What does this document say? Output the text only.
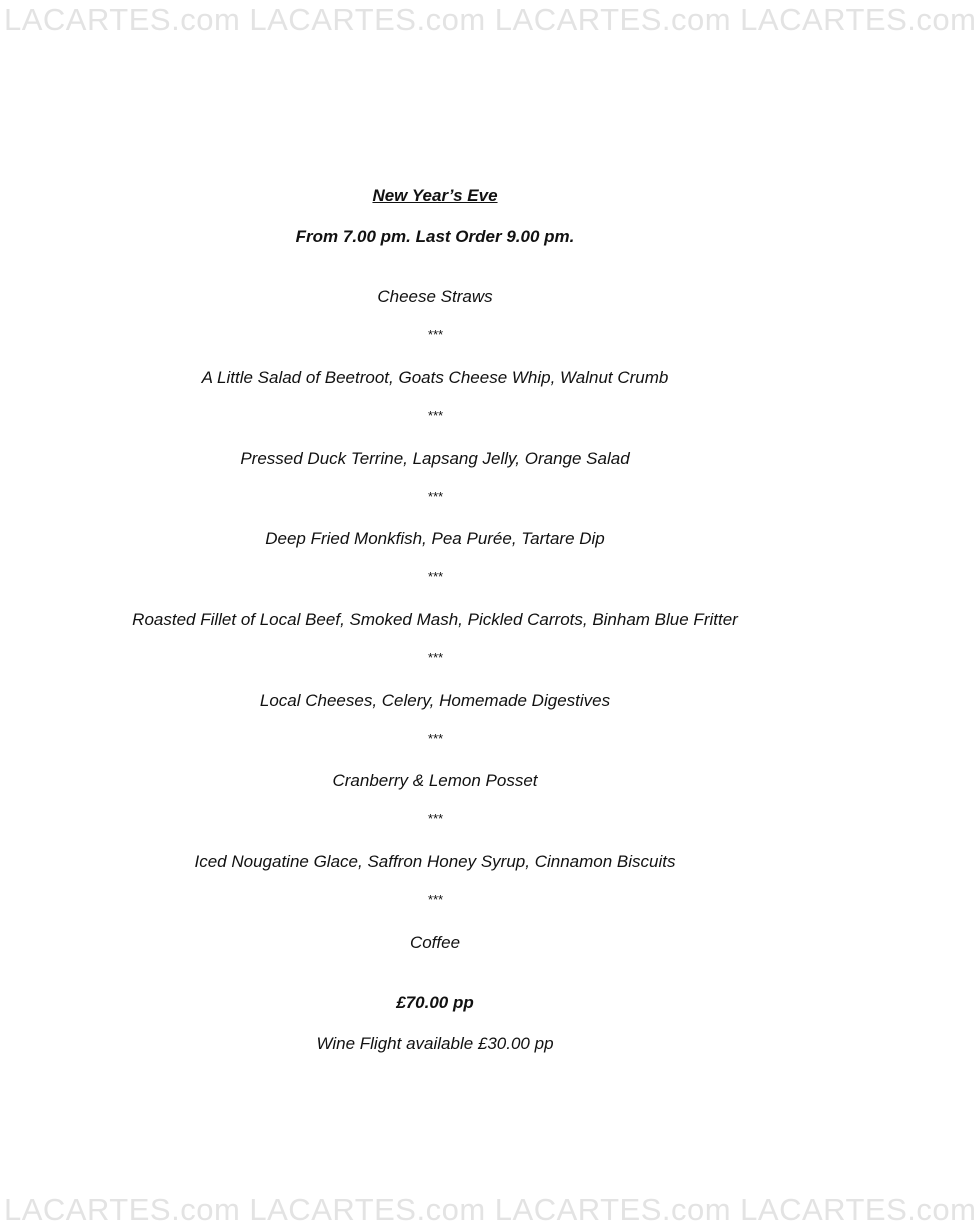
LACARTES.com LACARTES.com LACARTES.com LACARTES.com
New Year’s Eve
From 7.00 pm. Last Order 9.00 pm.
Cheese Straws
***
A Little Salad of Beetroot, Goats Cheese Whip, Walnut Crumb
***
Pressed Duck Terrine, Lapsang Jelly, Orange Salad
***
Deep Fried Monkfish, Pea Purée, Tartare Dip
***
Roasted Fillet of Local Beef, Smoked Mash, Pickled Carrots, Binham Blue Fritter
***
Local Cheeses, Celery, Homemade Digestives
***
Cranberry & Lemon Posset
***
Iced Nougatine Glace, Saffron Honey Syrup, Cinnamon Biscuits
***
Coffee
£70.00 pp
Wine Flight available £30.00 pp
LACARTES.com LACARTES.com LACARTES.com LACARTES.com
